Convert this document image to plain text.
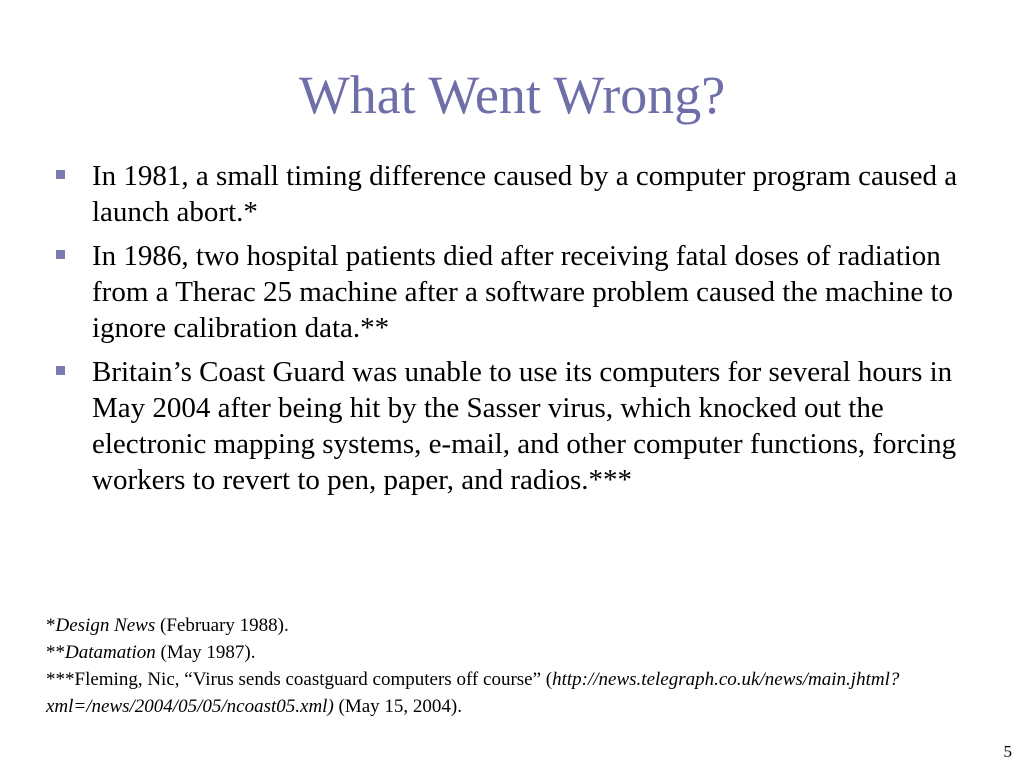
What Went Wrong?
In 1981, a small timing difference caused by a computer program caused a launch abort.*
In 1986, two hospital patients died after receiving fatal doses of radiation from a Therac 25 machine after a software problem caused the machine to ignore calibration data.**
Britain’s Coast Guard was unable to use its computers for several hours in May 2004 after being hit by the Sasser virus, which knocked out the electronic mapping systems, e-mail, and other computer functions, forcing workers to revert to pen, paper, and radios.***

*Design News (February 1988).

**Datamation (May 1987).

***Fleming, Nic, “Virus sends coastguard computers off course” (http://news.telegraph.co.uk/news/main.jhtml?xml=/news/2004/05/05/ncoast05.xml) (May 15, 2004).

5
